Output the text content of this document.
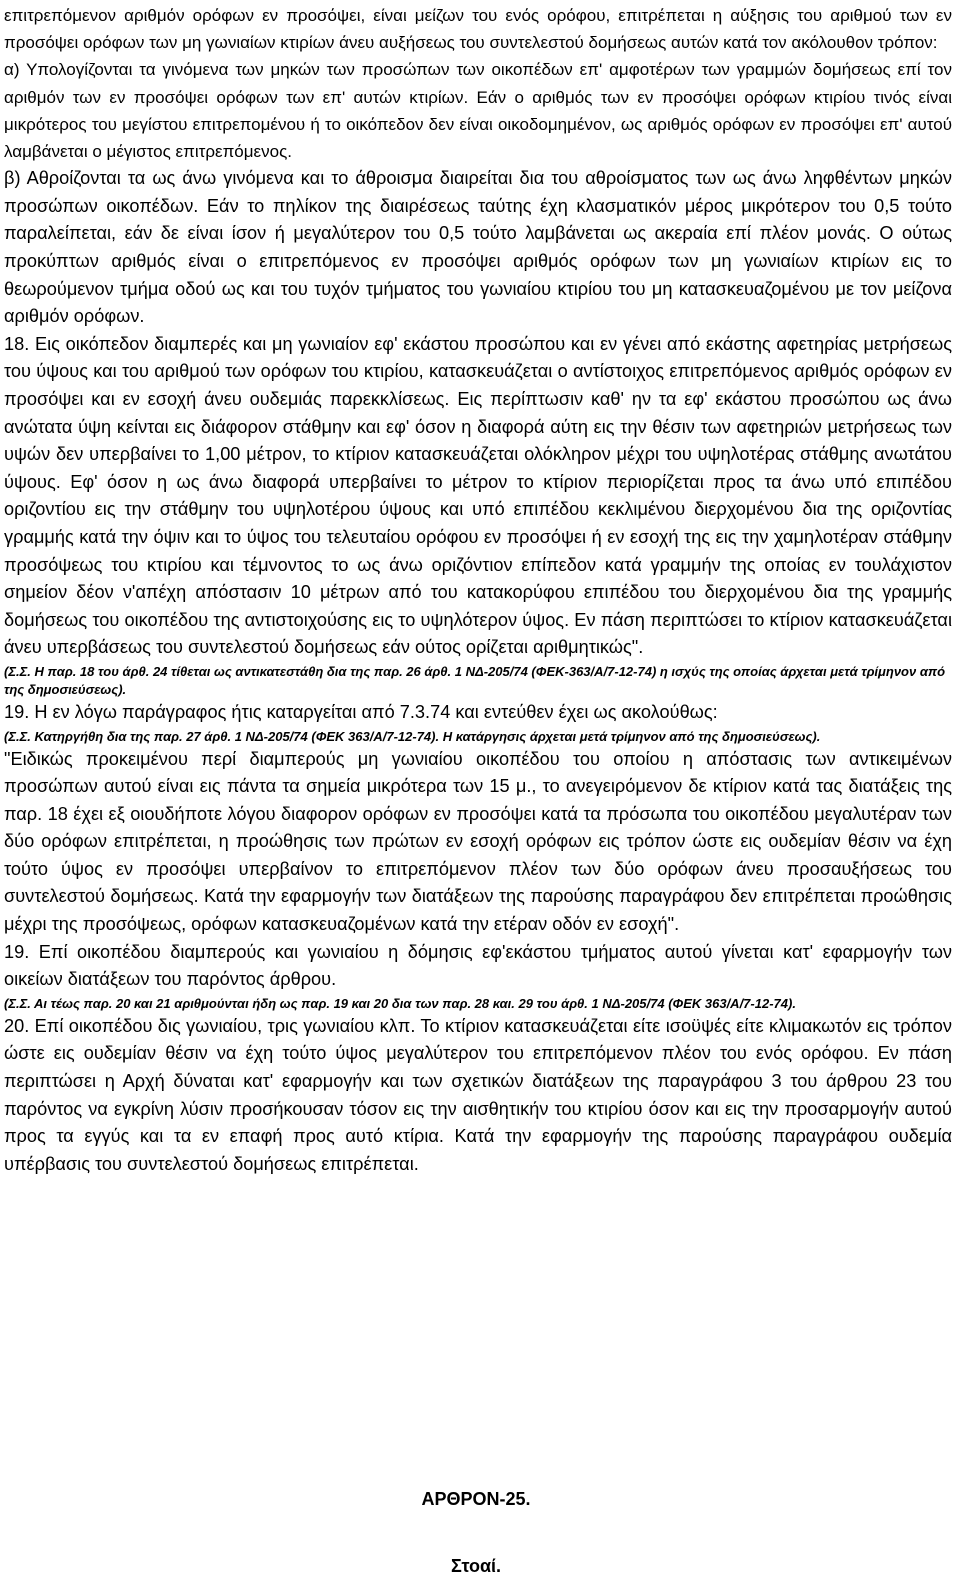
επιτρεπόμενον αριθμόν ορόφων εν προσόψει, είναι μείζων του ενός ορόφου, επιτρέπεται η αύξησις του αριθμού των εν προσόψει ορόφων των μη γωνιαίων κτιρίων άνευ αυξήσεως του συντελεστού δομήσεως αυτών κατά τον ακόλουθον τρόπον:

α) Υπολογίζονται τα γινόμενα των μηκών των προσώπων των οικοπέδων επ' αμφοτέρων των γραμμών δομήσεως επί τον αριθμόν των εν προσόψει ορόφων των επ' αυτών κτιρίων. Εάν ο αριθμός των εν προσόψει ορόφων κτιρίου τινός είναι μικρότερος του μεγίστου επιτρεπομένου ή το οικόπεδον δεν είναι οικοδομημένον, ως αριθμός ορόφων εν προσόψει επ' αυτού λαμβάνεται ο μέγιστος επιτρεπόμενος.

β) Αθροίζονται τα ως άνω γινόμενα και το άθροισμα διαιρείται δια του αθροίσματος των ως άνω ληφθέντων μηκών προσώπων οικοπέδων. Εάν το πηλίκον της διαιρέσεως ταύτης έχη κλασματικόν μέρος μικρότερον του 0,5 τούτο παραλείπεται, εάν δε είναι ίσον ή μεγαλύτερον του 0,5 τούτο λαμβάνεται ως ακεραία επί πλέον μονάς. Ο ούτως προκύπτων αριθμός είναι ο επιτρεπόμενος εν προσόψει αριθμός ορόφων των μη γωνιαίων κτιρίων εις το θεωρούμενον τμήμα οδού ως και του τυχόν τμήματος του γωνιαίου κτιρίου του μη κατασκευαζομένου με τον μείζονα αριθμόν ορόφων.

18. Εις οικόπεδον διαμπερές και μη γωνιαίον εφ' εκάστου προσώπου και εν γένει από εκάστης αφετηρίας μετρήσεως του ύψους και του αριθμού των ορόφων του κτιρίου, κατασκευάζεται ο αντίστοιχος επιτρεπόμενος αριθμός ορόφων εν προσόψει και εν εσοχή άνευ ουδεμιάς παρεκκλίσεως. Εις περίπτωσιν καθ' ην τα εφ' εκάστου προσώπου ως άνω ανώτατα ύψη κείνται εις διάφορον στάθμην και εφ' όσον η διαφορά αύτη εις την θέσιν των αφετηριών μετρήσεως των υψών δεν υπερβαίνει το 1,00 μέτρον, το κτίριον κατασκευάζεται ολόκληρον μέχρι του υψηλοτέρας στάθμης ανωτάτου ύψους. Εφ' όσον η ως άνω διαφορά υπερβαίνει το μέτρον το κτίριον περιορίζεται προς τα άνω υπό επιπέδου οριζοντίου εις την στάθμην του υψηλοτέρου ύψους και υπό επιπέδου κεκλιμένου διερχομένου δια της οριζοντίας γραμμής κατά την όψιν και το ύψος του τελευταίου ορόφου εν προσόψει ή εν εσοχή της εις την χαμηλοτέραν στάθμην προσόψεως του κτιρίου και τέμνοντος το ως άνω οριζόντιον επίπεδον κατά γραμμήν της οποίας εν τουλάχιστον σημείον δέον ν'απέχη απόστασιν 10 μέτρων από του κατακορύφου επιπέδου του διερχομένου δια της γραμμής δομήσεως του οικοπέδου της αντιστοιχούσης εις το υψηλότερον ύψος. Εν πάση περιπτώσει το κτίριον κατασκευάζεται άνευ υπερβάσεως του συντελεστού δομήσεως εάν ούτος ορίζεται αριθμητικώς".

(Σ.Σ. Η παρ. 18 του άρθ. 24 τίθεται ως αντικατεστάθη δια της παρ. 26 άρθ. 1 ΝΔ-205/74 (ΦΕΚ-363/Α/7-12-74) η ισχύς της οποίας άρχεται μετά τρίμηνον από της δημοσιεύσεως).

19. Η εν λόγω παράγραφος ήτις καταργείται από 7.3.74 και εντεύθεν έχει ως ακολούθως:

(Σ.Σ. Κατηργήθη δια της παρ. 27 άρθ. 1 ΝΔ-205/74 (ΦΕΚ 363/Α/7-12-74). Η κατάργησις άρχεται μετά τρίμηνον από της δημοσιεύσεως).

"Ειδικώς προκειμένου περί διαμπερούς μη γωνιαίου οικοπέδου του οποίου η απόστασις των αντικειμένων προσώπων αυτού είναι εις πάντα τα σημεία μικρότερα των 15 μ., το ανεγειρόμενον δε κτίριον κατά τας διατάξεις της παρ. 18 έχει εξ οιουδήποτε λόγου διαφορον ορόφων εν προσόψει κατά τα πρόσωπα του οικοπέδου μεγαλυτέραν των δύο ορόφων επιτρέπεται, η προώθησις των πρώτων εν εσοχή ορόφων εις τρόπον ώστε εις ουδεμίαν θέσιν να έχη τούτο ύψος εν προσόψει υπερβαίνον το επιτρεπόμενον πλέον των δύο ορόφων άνευ προσαυξήσεως του συντελεστού δομήσεως. Κατά την εφαρμογήν των διατάξεων της παρούσης παραγράφου δεν επιτρέπεται προώθησις μέχρι της προσόψεως, ορόφων κατασκευαζομένων κατά την ετέραν οδόν εν εσοχή".

19. Επί οικοπέδου διαμπερούς και γωνιαίου η δόμησις εφ'εκάστου τμήματος αυτού γίνεται κατ' εφαρμογήν των οικείων διατάξεων του παρόντος άρθρου.

(Σ.Σ. Αι τέως παρ. 20 και 21 αριθμούνται ήδη ως παρ. 19 και 20 δια των παρ. 28 και. 29 του άρθ. 1 ΝΔ-205/74 (ΦΕΚ 363/Α/7-12-74).

20. Επί οικοπέδου δις γωνιαίου, τρις γωνιαίου κλπ. Το κτίριον κατασκευάζεται είτε ισοϋψές είτε κλιμακωτόν εις τρόπον ώστε εις ουδεμίαν θέσιν να έχη τούτο ύψος μεγαλύτερον του επιτρεπόμενον πλέον του ενός ορόφου. Εν πάση περιπτώσει η Αρχή δύναται κατ' εφαρμογήν και των σχετικών διατάξεων της παραγράφου 3 του άρθρου 23 του παρόντος να εγκρίνη λύσιν προσήκουσαν τόσον εις την αισθητικήν του κτιρίου όσον και εις την προσαρμογήν αυτού προς τα εγγύς και τα εν επαφή προς αυτό κτίρια. Κατά την εφαρμογήν της παρούσης παραγράφου ουδεμία υπέρβασις του συντελεστού δομήσεως επιτρέπεται.

ΑΡΘΡΟΝ-25.
Στοαί.
